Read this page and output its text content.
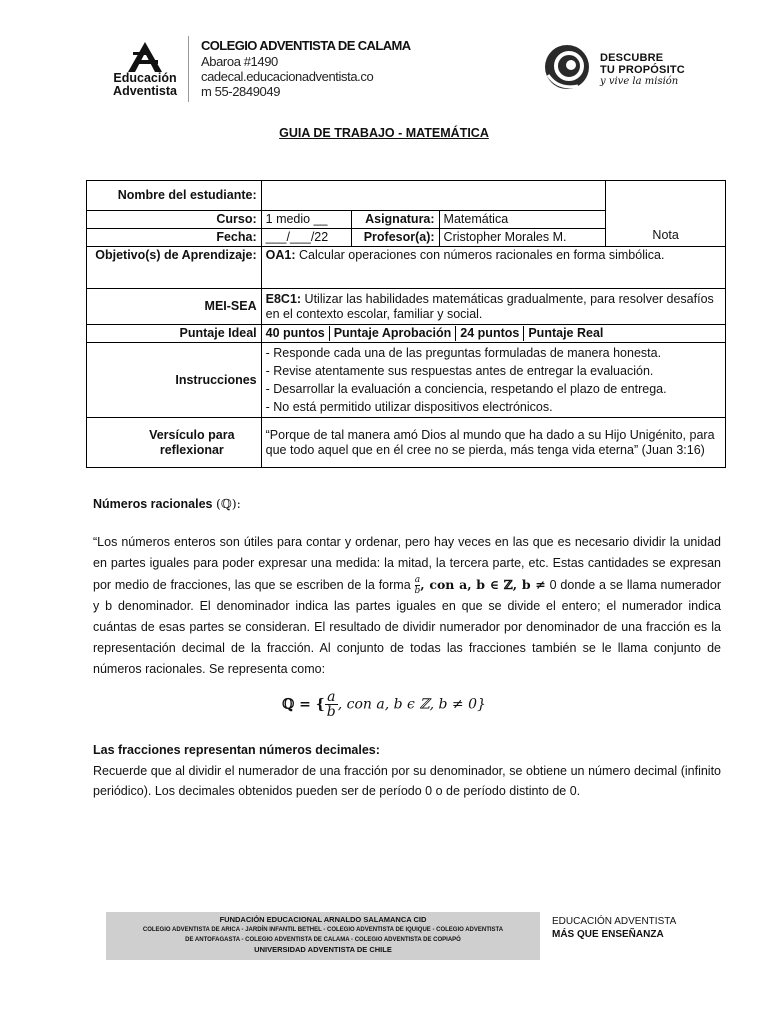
Educación
Adventista
COLEGIO ADVENTISTA DE CALAMA
Abaroa #1490
cadecal.educacionadventista.co
m 55-2849049
DESCUBRE
TU PROPÓSITC
y vive la misión
GUIA DE TRABAJO - MATEMÁTICA
Nombre del estudiante:				Nota
Curso:	1 medio __	Asignatura:	Matemática	
Fecha:	___/___/22	Profesor(a):	Cristopher Morales M.	
Objetivo(s) de Aprendizaje:	OA1: Calcular operaciones con números racionales en forma simbólica.			
MEI-SEA	E8C1: Utilizar las habilidades matemáticas gradualmente, para resolver desafíos en el contexto escolar, familiar y social.			
Puntaje Ideal	40 puntos Puntaje Aprobación 24 puntos Puntaje Real			

Instrucciones	- Responde cada una de las preguntas formuladas de manera honesta.
- Revise atentamente sus respuestas antes de entregar la evaluación.
- Desarrollar la evaluación a conciencia, respetando el plazo de entrega.
- No está permitido utilizar dispositivos electrónicos.			

Versículo para reflexionar	“Porque de tal manera amó Dios al mundo que ha dado a su Hijo Unigénito, para que todo aquel que en él cree no se pierda, más tenga vida eterna” (Juan 3:16)			
Números racionales (ℚ):
“Los números enteros son útiles para contar y ordenar, pero hay veces en las que es necesario dividir la unidad en partes iguales para poder expresar una medida: la mitad, la tercera parte, etc. Estas cantidades se expresan por medio de fracciones, las que se escriben de la forma $\frac{a}{b}$ , con a, b ∈ ℤ, b ≠ 0 donde a se llama numerador y b denominador. El denominador indica las partes iguales en que se divide el entero; el numerador indica cuántas de esas partes se consideran. El resultado de dividir numerador por denominador de una fracción es la representación decimal de la fracción. Al conjunto de todas las fracciones también se le llama conjunto de números racionales. Se representa como:
ℚ = { $\frac{a}{b}$ , con a, b ϵ ℤ, b ≠ 0}
Las fracciones representan números decimales:
Recuerde que al dividir el numerador de una fracción por su denominador, se obtiene un número decimal (infinito periódico). Los decimales obtenidos pueden ser de período 0 o de período distinto de 0.
FUNDACIÓN EDUCACIONAL ARNALDO SALAMANCA CID
COLEGIO ADVENTISTA DE ARICA - JARDÍN INFANTIL BETHEL - COLEGIO ADVENTISTA DE IQUIQUE - COLEGIO ADVENTISTA
DE ANTOFAGASTA - COLEGIO ADVENTISTA DE CALAMA - COLEGIO ADVENTISTA DE COPIAPÓ
UNIVERSIDAD ADVENTISTA DE CHILE
EDUCACIÓN ADVENTISTA
MÁS QUE ENSEÑANZA
